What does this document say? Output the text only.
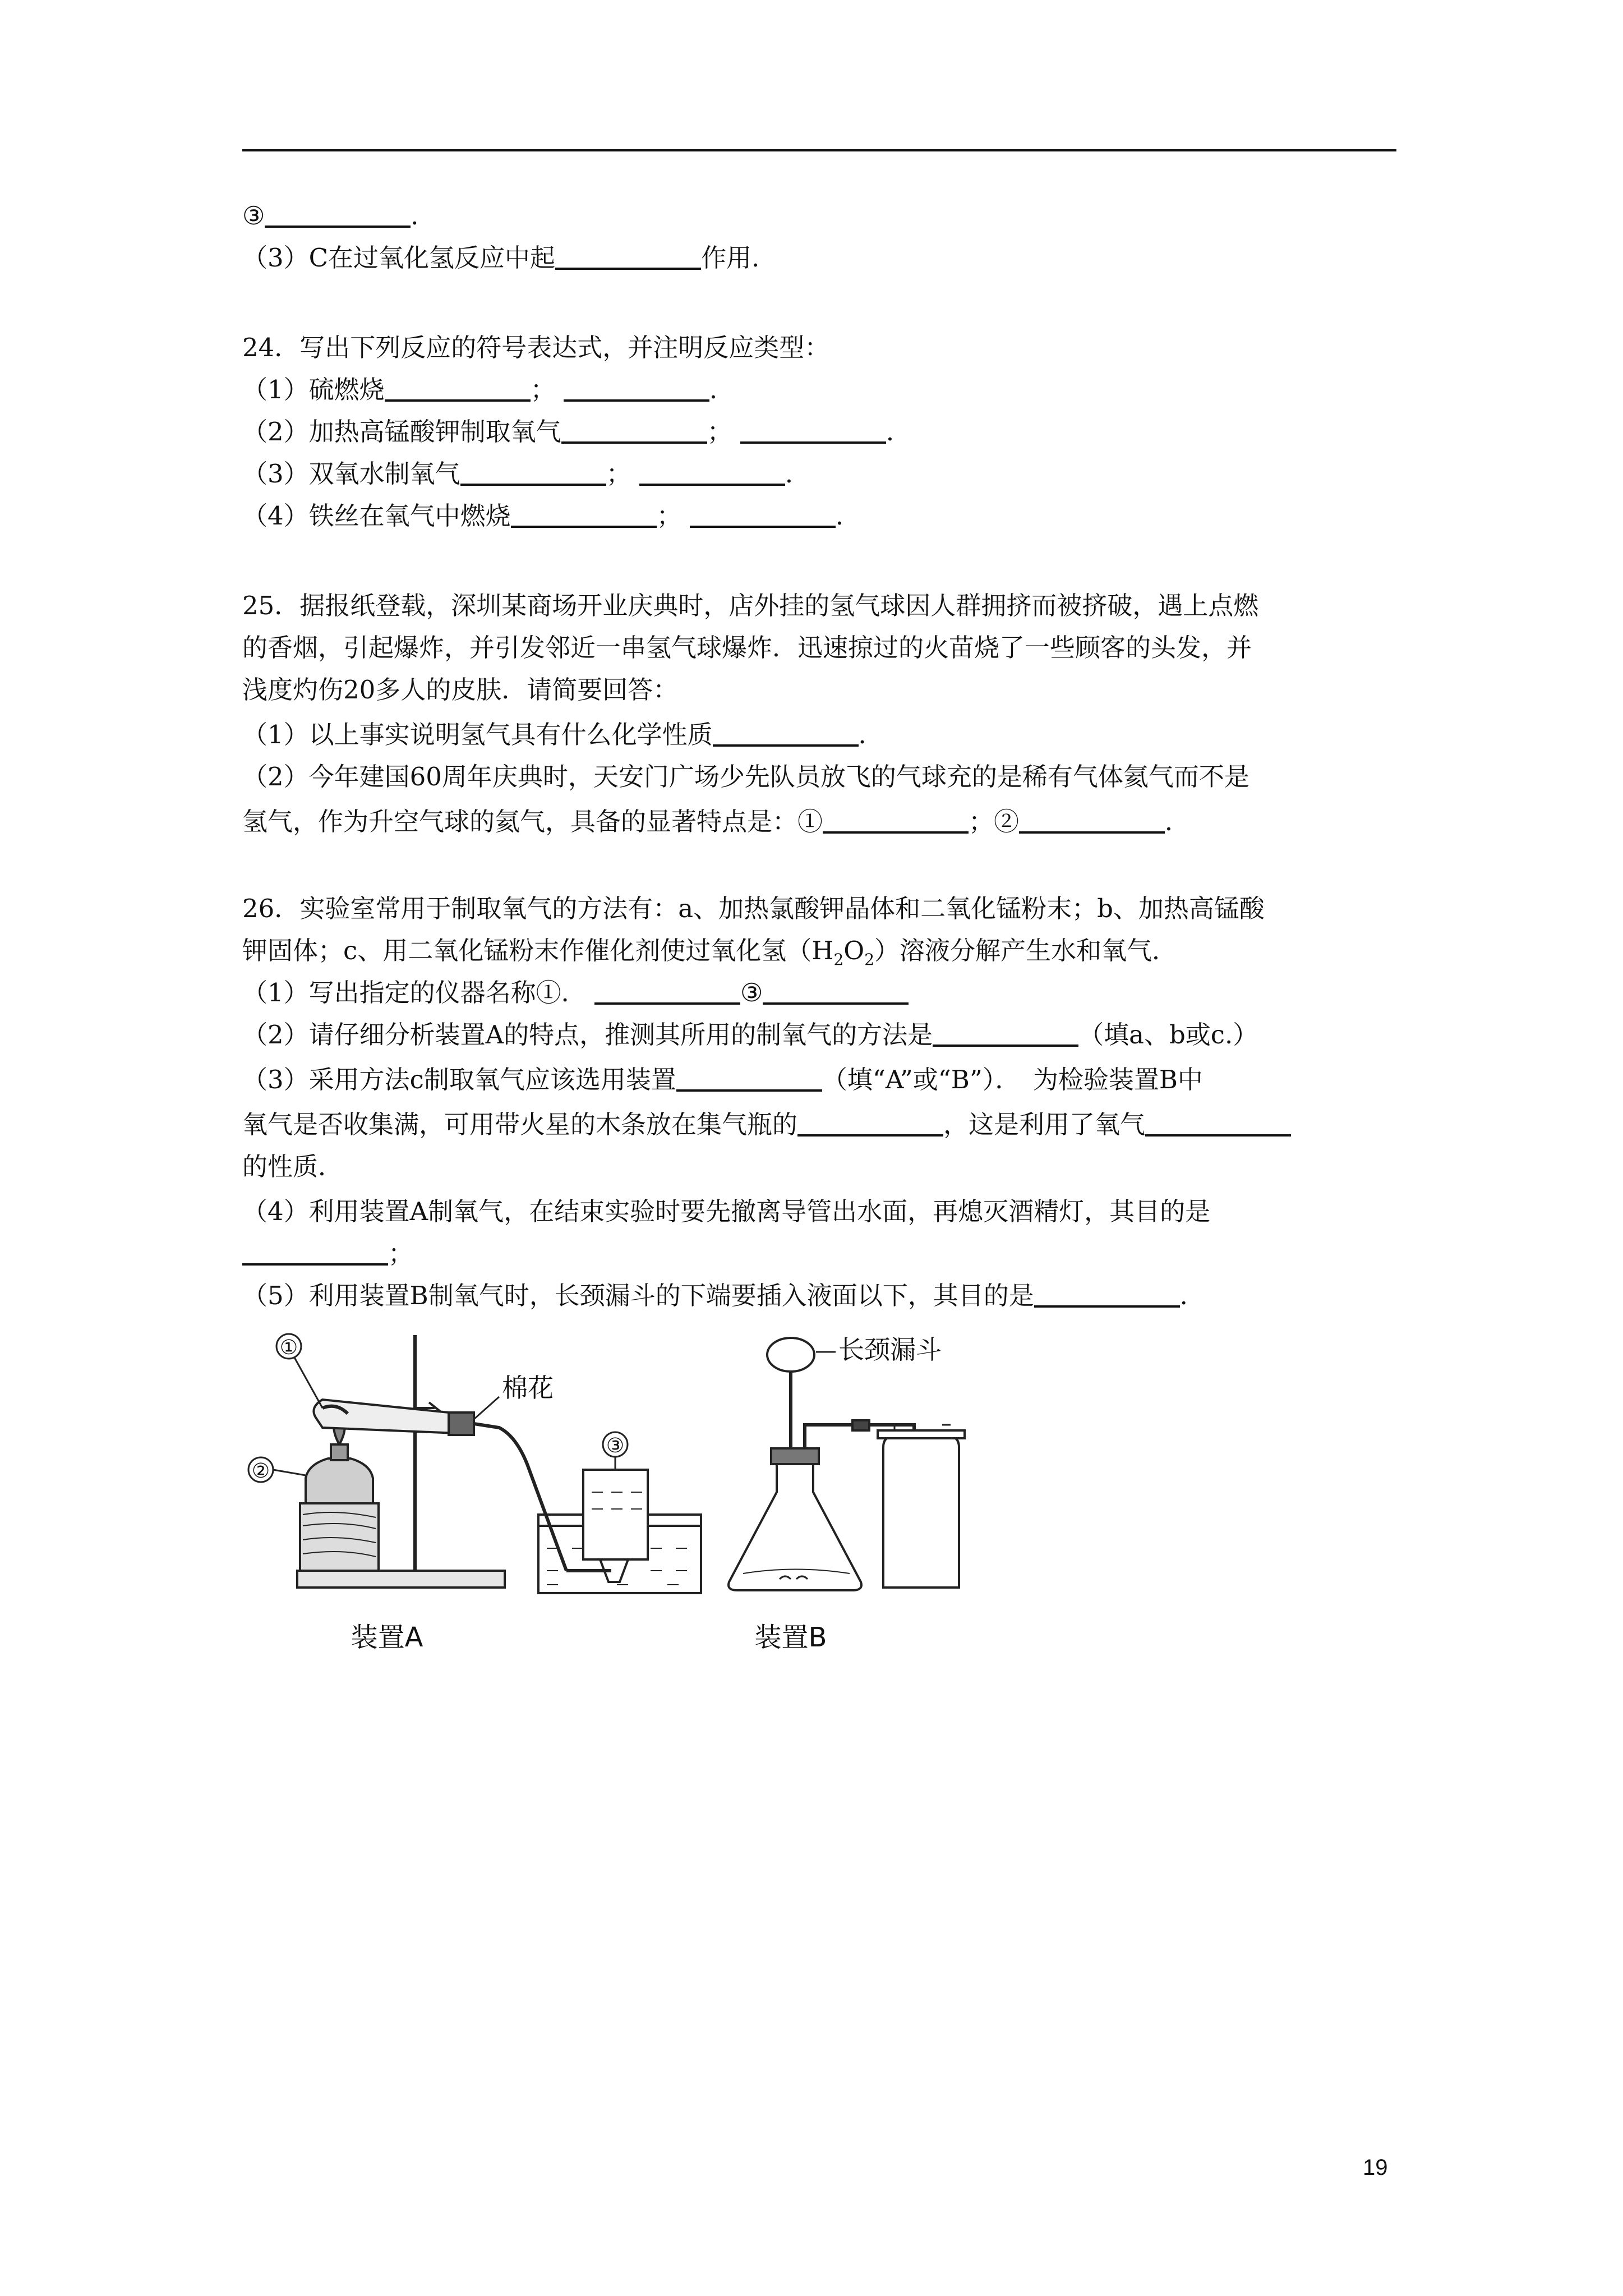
③	．
（3）C在过氧化氢反应中起	作用．
24．写出下列反应的符号表达式，并注明反应类型：
（1）硫燃烧	；	．
（2）加热高锰酸钾制取氧气	；	．
（3）双氧水制氧气	；	．
（4）铁丝在氧气中燃烧	；	．
25．据报纸登载，深圳某商场开业庆典时，店外挂的氢气球因人群拥挤而被挤破，遇上点燃
的香烟，引起爆炸，并引发邻近一串氢气球爆炸．迅速掠过的火苗烧了一些顾客的头发，并
浅度灼伤20多人的皮肤．请简要回答：
（1）以上事实说明氢气具有什么化学性质	．
（2）今年建国60周年庆典时，天安门广场少先队员放飞的气球充的是稀有气体氦气而不是
氢气，作为升空气球的氦气，具备的显著特点是：①	；②	．
26．实验室常用于制取氧气的方法有：a、加热氯酸钾晶体和二氧化锰粉末；b、加热高锰酸
钾固体；c、用二氧化锰粉末作催化剂使过氧化氢$(H_2O_2)$溶液分解产生水和氧气．
（1）写出指定的仪器名称①．	③
（2）请仔细分析装置A的特点，推测其所用的制氧气的方法是	（填a、b或c.）
（3）采用方法c制取氧气应该选用装置	（填“A”或“B”）．　为检验装置B中
氧气是否收集满，可用带火星的木条放在集气瓶的	，这是利用了氧气
的性质．
（4）利用装置A制氧气，在结束实验时要先撤离导管出水面，再熄灭酒精灯，其目的是
；
（5）利用装置B制氧气时，长颈漏斗的下端要插入液面以下，其目的是	．
①
②
③
棉花
装置A
长颈漏斗
装置B
19
